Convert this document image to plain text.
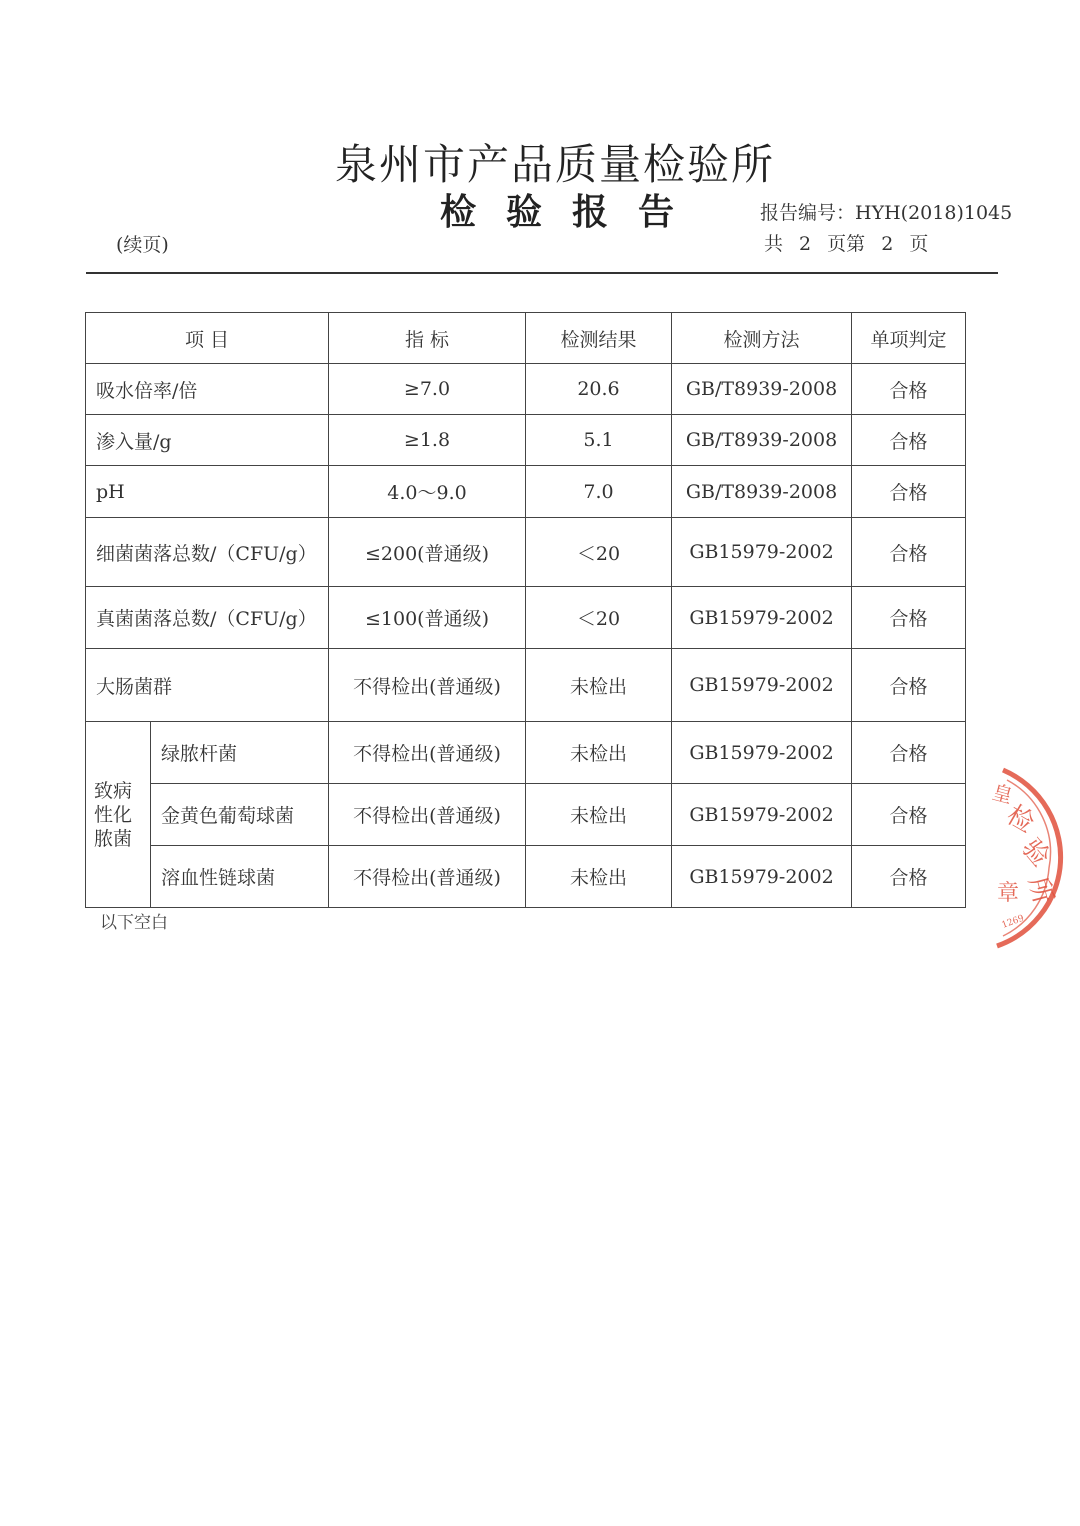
泉州市产品质量检验所
检验报告	报告编号：HYH(2018)1045
共 2 页第 2 页
(续页)
项 目		指 标	检测结果	检测方法	单项判定
吸水倍率/倍		≥7.0	20.6	GB/T8939-2008	合格
渗入量/g		≥1.8	5.1	GB/T8939-2008	合格
pH		4.0～9.0	7.0	GB/T8939-2008	合格
细菌菌落总数/（CFU/g）		≤200(普通级)	＜20	GB15979-2002	合格
真菌菌落总数/（CFU/g）		≤100(普通级)	＜20	GB15979-2002	合格
大肠菌群		不得检出(普通级)	未检出	GB15979-2002	合格

致病性化脓菌	绿脓杆菌	不得检出(普通级)	未检出	GB15979-2002	合格
	金黄色葡萄球菌	不得检出(普通级)	未检出	GB15979-2002	合格
	溶血性链球菌	不得检出(普通级)	未检出	GB15979-2002	合格
以下空白
皇
检
验
所
章
1269
